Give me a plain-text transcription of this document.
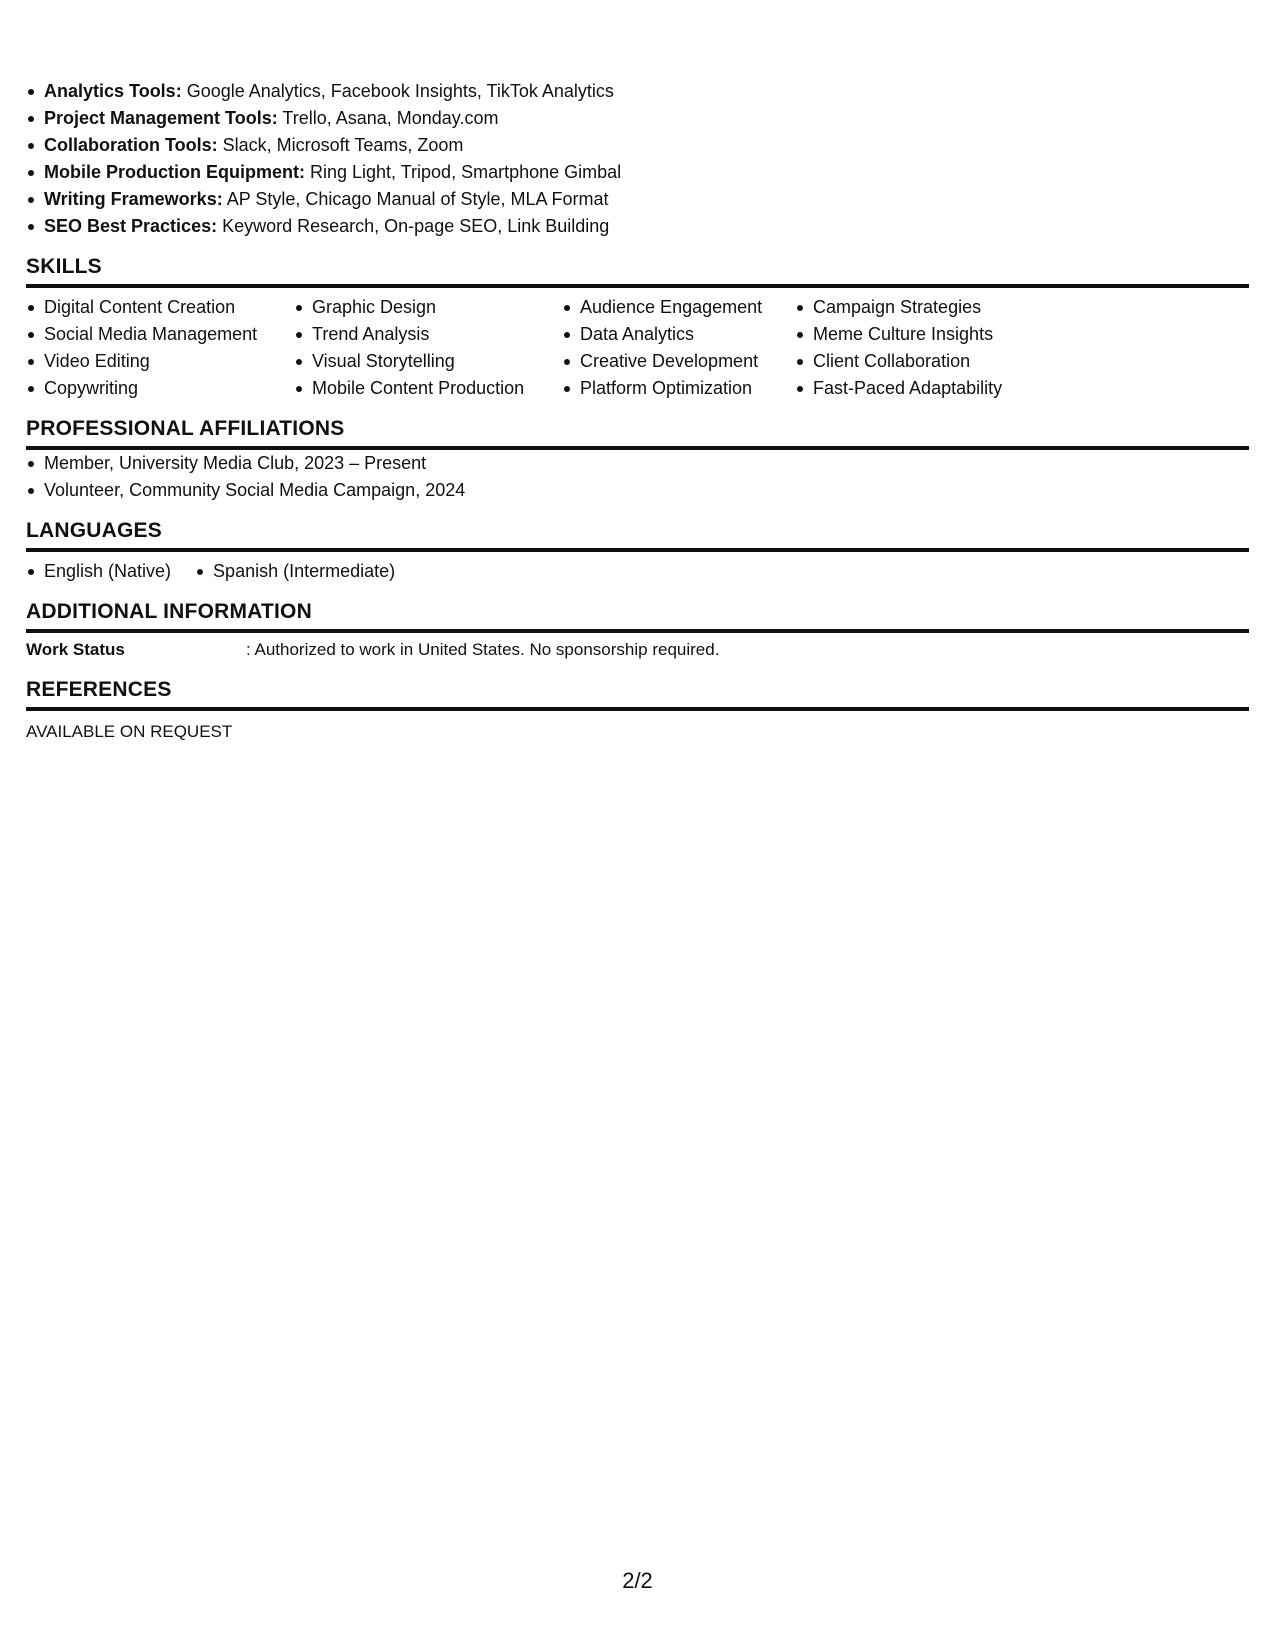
Analytics Tools: Google Analytics, Facebook Insights, TikTok Analytics
Project Management Tools: Trello, Asana, Monday.com
Collaboration Tools: Slack, Microsoft Teams, Zoom
Mobile Production Equipment: Ring Light, Tripod, Smartphone Gimbal
Writing Frameworks: AP Style, Chicago Manual of Style, MLA Format
SEO Best Practices: Keyword Research, On-page SEO, Link Building
SKILLS
Digital Content Creation
Social Media Management
Video Editing
Copywriting
Graphic Design
Trend Analysis
Visual Storytelling
Mobile Content Production
Audience Engagement
Data Analytics
Creative Development
Platform Optimization
Campaign Strategies
Meme Culture Insights
Client Collaboration
Fast-Paced Adaptability
PROFESSIONAL AFFILIATIONS
Member, University Media Club, 2023 – Present
Volunteer, Community Social Media Campaign, 2024
LANGUAGES
English (Native)	Spanish (Intermediate)
ADDITIONAL INFORMATION
Work Status	: Authorized to work in United States. No sponsorship required.
REFERENCES
AVAILABLE ON REQUEST
2/2
